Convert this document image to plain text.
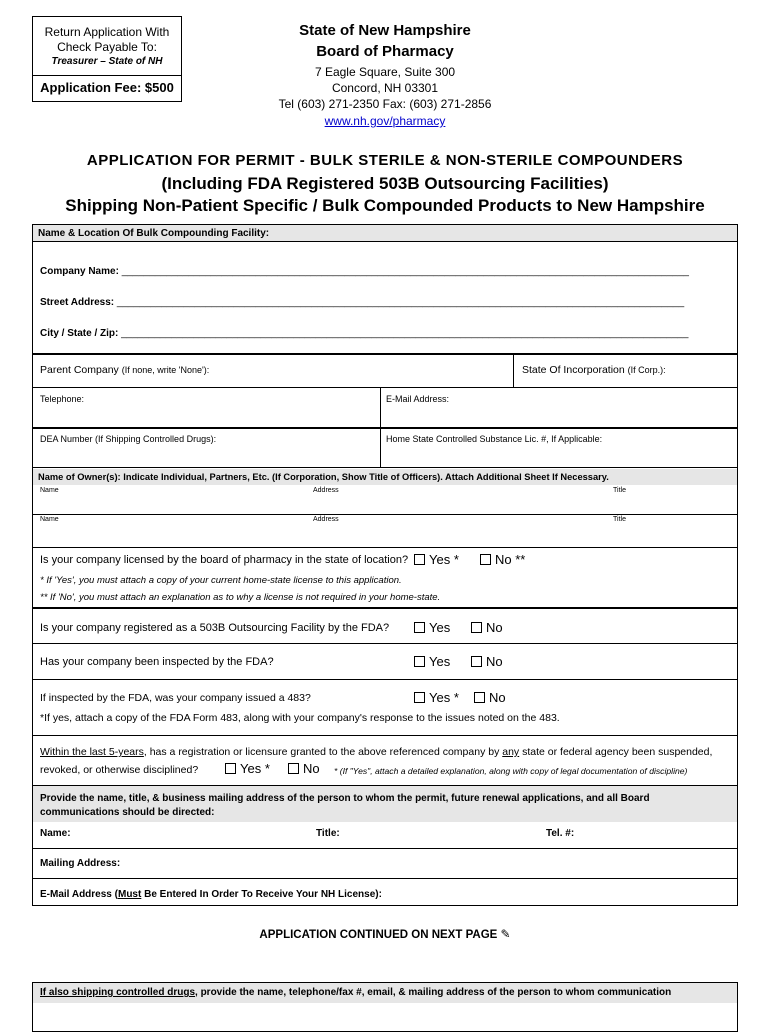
Return Application With
Check Payable To:
Treasurer – State of NH
Application Fee: $500
State of New Hampshire
Board of Pharmacy
7 Eagle Square, Suite 300
Concord, NH 03301
Tel (603) 271-2350 Fax: (603) 271-2856
www.nh.gov/pharmacy
APPLICATION FOR PERMIT - BULK STERILE & NON-STERILE COMPOUNDERS
(Including FDA Registered 503B Outsourcing Facilities)
Shipping Non-Patient Specific / Bulk Compounded Products to New Hampshire
Name & Location Of Bulk Compounding Facility:
Company Name: ______________________________________________________________________________________________________
Street Address: ______________________________________________________________________________________________________
City / State / Zip: ______________________________________________________________________________________________________
Parent Company (If none, write 'None'):	State Of Incorporation (If Corp.):
Telephone:	E-Mail Address:
DEA Number (If Shipping Controlled Drugs):	Home State Controlled Substance Lic. #, If Applicable:
Name of Owner(s): Indicate Individual, Partners, Etc. (If Corporation, Show Title of Officers). Attach Additional Sheet If Necessary.
Name	Address	Title
Name	Address	Title
Is your company licensed by the board of pharmacy in the state of location?	Yes *	No **
* If 'Yes', you must attach a copy of your current home-state license to this application.
** If 'No', you must attach an explanation as to why a license is not required in your home-state.
Is your company registered as a 503B Outsourcing Facility by the FDA?	Yes	No
Has your company been inspected by the FDA?	Yes	No
If inspected by the FDA, was your company issued a 483?	Yes *	No
*If yes, attach a copy of the FDA Form 483, along with your company's response to the issues noted on the 483.
Within the last 5-years, has a registration or licensure granted to the above referenced company by any state or federal agency been suspended,
revoked, or otherwise disciplined?	Yes *	No * (If "Yes", attach a detailed explanation, along with copy of legal documentation of discipline)
Provide the name, title, & business mailing address of the person to whom the permit, future renewal applications, and all Board communications should be directed:
Name:	Title:	Tel. #:
Mailing Address:
E-Mail Address (Must Be Entered In Order To Receive Your NH License):
APPLICATION CONTINUED ON NEXT PAGE ✎
If also shipping controlled drugs, provide the name, telephone/fax #, email, & mailing address of the person to whom communication
